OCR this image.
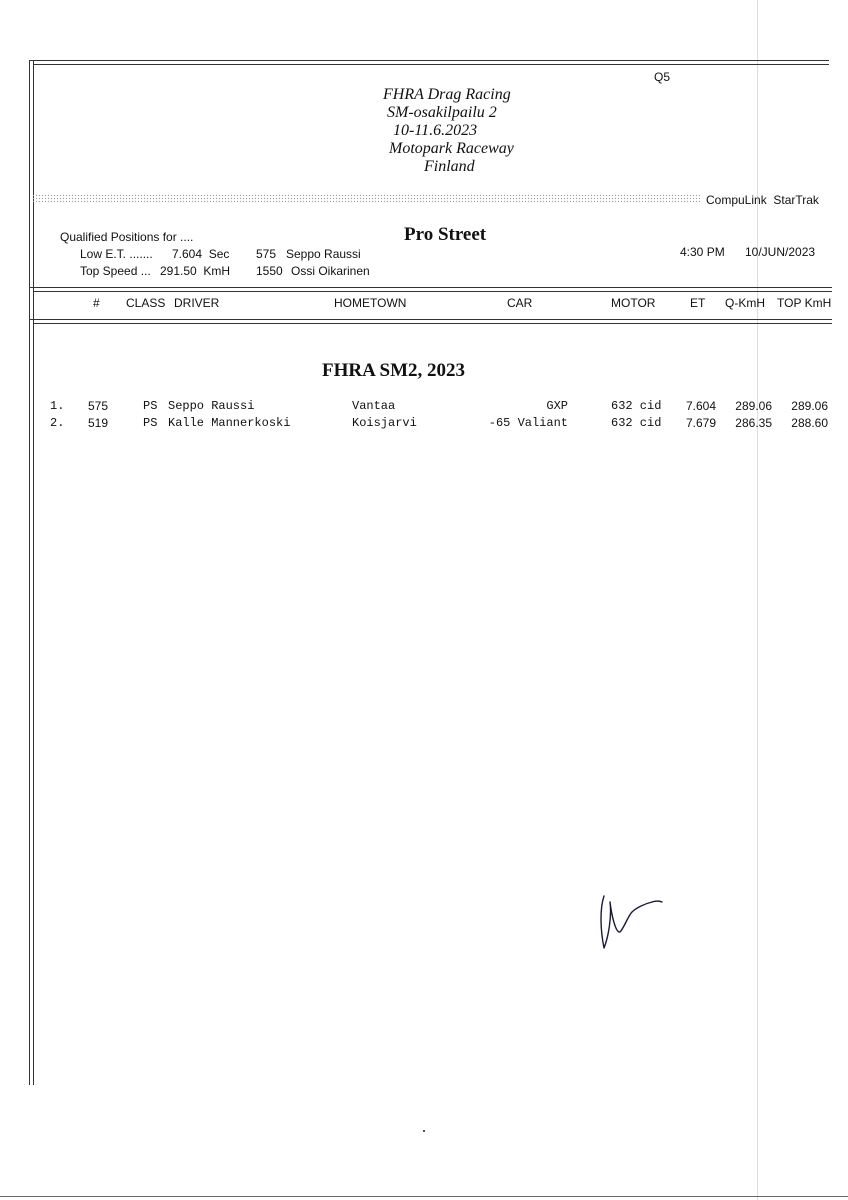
Q5
FHRA Drag Racing
SM-osakilpailu 2
10-11.6.2023
Motopark Raceway
Finland
CompuLink  StarTrak
Pro Street
Qualified Positions for ....
Low E.T. ....... 7.604  Sec 575 Seppo Raussi
Top Speed ... 291.50  KmH 1550 Ossi Oikarinen
4:30 PM 10/JUN/2023
# CLASS DRIVER	HOMETOWN	CAR	MOTOR	ET Q-KmH TOP KmH
FHRA SM2, 2023
1. 575	PS Seppo Raussi	Vantaa	GXP	632 cid	7.604	289.06	289.06
2. 519	PS Kalle Mannerkoski	Koisjarvi	-65 Valiant	632 cid	7.679	286.35	288.60
